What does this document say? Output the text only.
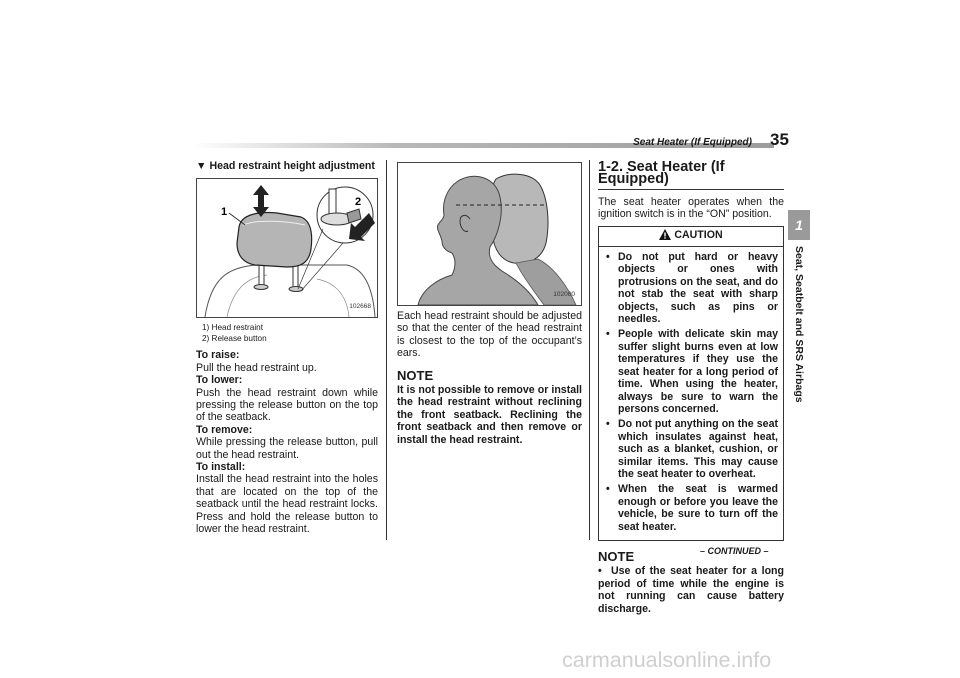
Seat Heater (If Equipped) 35
1
Seat, Seatbelt and SRS Airbags
▼ Head restraint height adjustment
1
2
102668
1) Head restraint
2) Release button
To raise:
Pull the head restraint up.
To lower:
Push the head restraint down while pressing the release button on the top of the seatback.
To remove:
While pressing the release button, pull out the head restraint.
To install:
Install the head restraint into the holes that are located on the top of the seatback until the head restraint locks. Press and hold the release button to lower the head restraint.
102080
Each head restraint should be adjusted so that the center of the head restraint is closest to the top of the occupant’s ears.
NOTE
It is not possible to remove or install the head restraint without reclining the front seatback. Reclining the front seatback and then remove or install the head restraint.
1-2. Seat Heater (If Equipped)
The seat heater operates when the ignition switch is in the “ON” position.
CAUTION
• Do not put hard or heavy objects or ones with protrusions on the seat, and do not stab the seat with sharp objects, such as pins or needles.
• People with delicate skin may suffer slight burns even at low temperatures if they use the seat heater for a long period of time. When using the heater, always be sure to warn the persons concerned.
• Do not put anything on the seat which insulates against heat, such as a blanket, cushion, or similar items. This may cause the seat heater to overheat.
• When the seat is warmed enough or before you leave the vehicle, be sure to turn off the seat heater.
NOTE
•  Use of the seat heater for a long period of time while the engine is not running can cause battery discharge.
– CONTINUED –
carmanualsonline.info
